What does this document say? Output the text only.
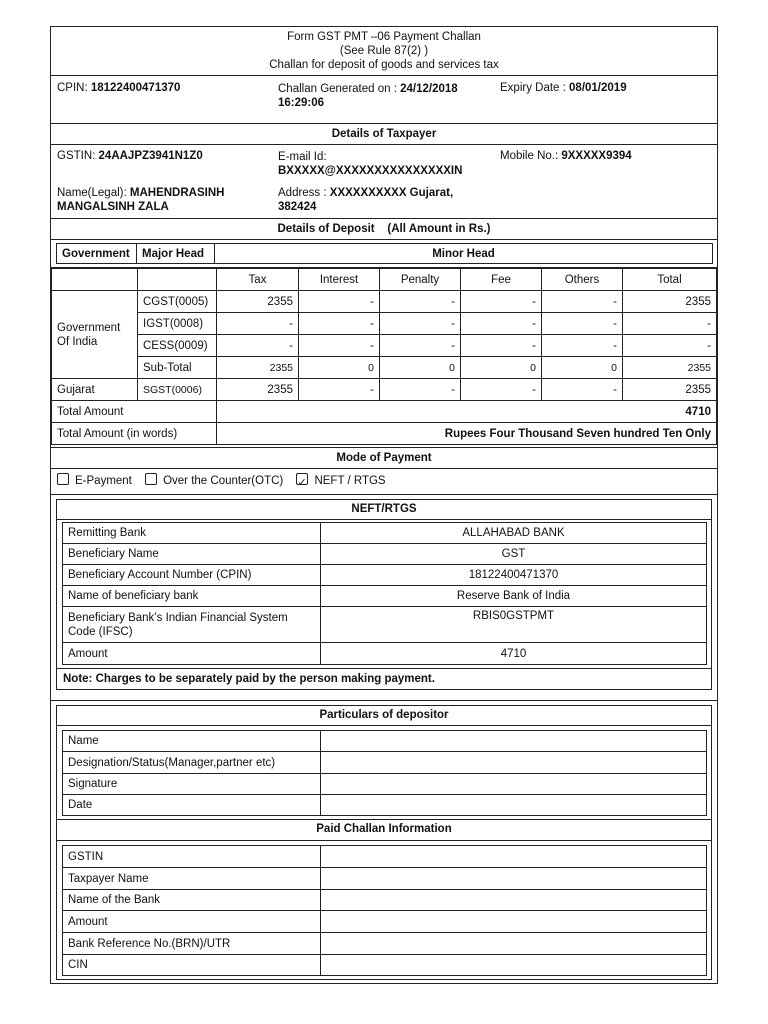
Form GST PMT –06 Payment Challan
(See Rule 87(2) )
Challan for deposit of goods and services tax
CPIN: 18122400471370	Challan Generated on : 24/12/2018
16:29:06
Expiry Date : 08/01/2019
Details of Taxpayer
GSTIN: 24AAJPZ3941N1Z0	E-mail Id:
BXXXXX@XXXXXXXXXXXXXXXIN
Mobile No.: 9XXXXX9394
Name(Legal): MAHENDRASINH
MANGALSINH ZALA
Address : XXXXXXXXXX Gujarat,
382424
Details of Deposit (All Amount in Rs.)
Government	Major Head	Minor Head
		Tax	Interest	Penalty	Fee	Others	Total
Government Of India	CGST(0005)	2355	-	-	-	-	2355
	IGST(0008)	-	-	-	-	-	-
	CESS(0009)	-	-	-	-	-	-
	Sub-Total	2355	0	0	0	0	2355
Gujarat	SGST(0006)	2355	-	-	-	-	2355
Total Amount		4710					
Total Amount (in words)		Rupees Four Thousand Seven hundred Ten Only					
Mode of Payment
E-Payment	Over the Counter(OTC) ✓	NEFT / RTGS
NEFT/RTGS
Remitting Bank	ALLAHABAD BANK
Beneficiary Name	GST
Beneficiary Account Number (CPIN)	18122400471370
Name of beneficiary bank	Reserve Bank of India
Beneficiary Bank’s Indian Financial System Code (IFSC)	RBIS0GSTPMT
Amount	4710
Note: Charges to be separately paid by the person making payment.
Particulars of depositor
Name	
Designation/Status(Manager,partner etc)	
Signature	
Date	
Paid Challan Information
GSTIN	
Taxpayer Name	
Name of the Bank	
Amount	
Bank Reference No.(BRN)/UTR	
CIN	
